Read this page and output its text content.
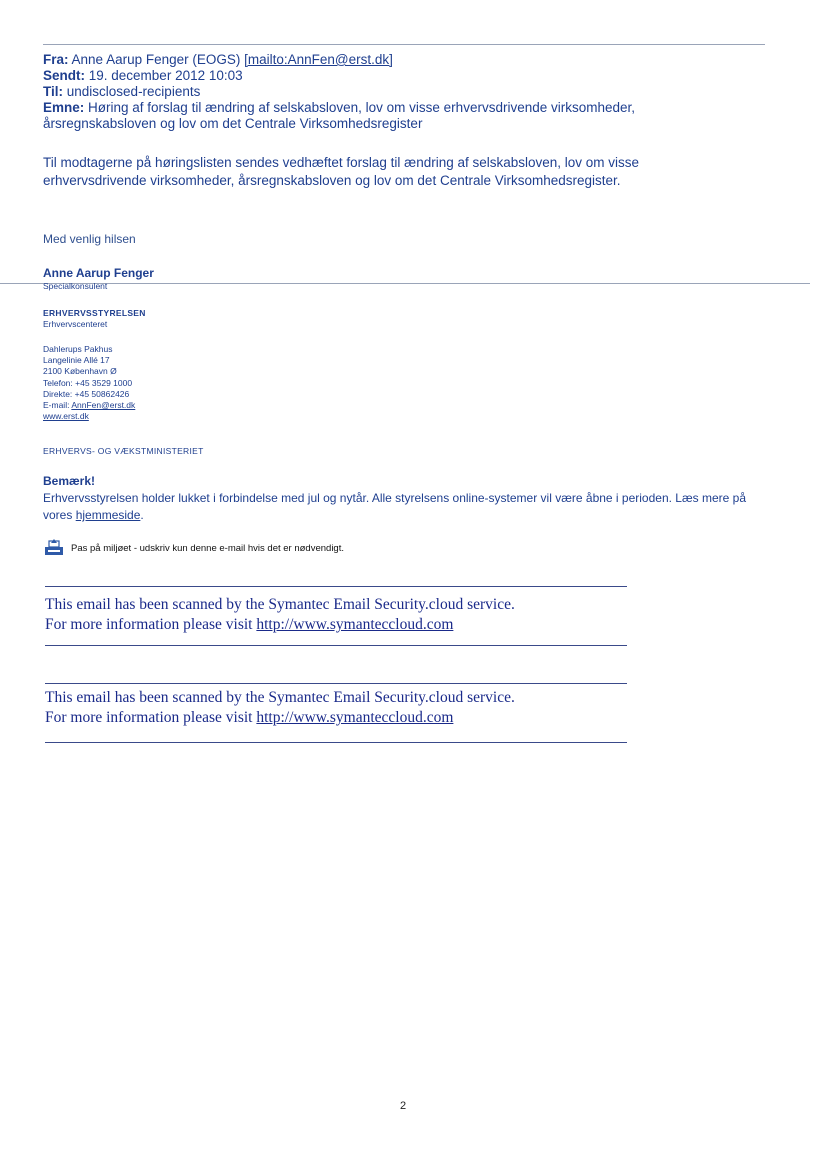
Fra: Anne Aarup Fenger (EOGS) [mailto:AnnFen@erst.dk]
Sendt: 19. december 2012 10:03
Til: undisclosed-recipients
Emne: Høring af forslag til ændring af selskabsloven, lov om visse erhvervsdrivende virksomheder, årsregnskabsloven og lov om det Centrale Virksomhedsregister
Til modtagerne på høringslisten sendes vedhæftet forslag til ændring af selskabsloven, lov om visse erhvervsdrivende virksomheder, årsregnskabsloven og lov om det Centrale Virksomhedsregister.
Med venlig hilsen
Anne Aarup Fenger
Specialkonsulent
ERHVERVSSTYRELSEN
Erhvervscenteret
Dahlerups Pakhus
Langelinie Allé 17
2100 København Ø
Telefon: +45 3529 1000
Direkte: +45 50862426
E-mail: AnnFen@erst.dk
www.erst.dk
ERHVERVS- OG VÆKSTMINISTERIET
Bemærk!
Erhvervsstyrelsen holder lukket i forbindelse med jul og nytår. Alle styrelsens online-systemer vil være åbne i perioden. Læs mere på vores hjemmeside.
Pas på miljøet - udskriv kun denne e-mail hvis det er nødvendigt.
This email has been scanned by the Symantec Email Security.cloud service.
For more information please visit http://www.symanteccloud.com
This email has been scanned by the Symantec Email Security.cloud service.
For more information please visit http://www.symanteccloud.com
2
